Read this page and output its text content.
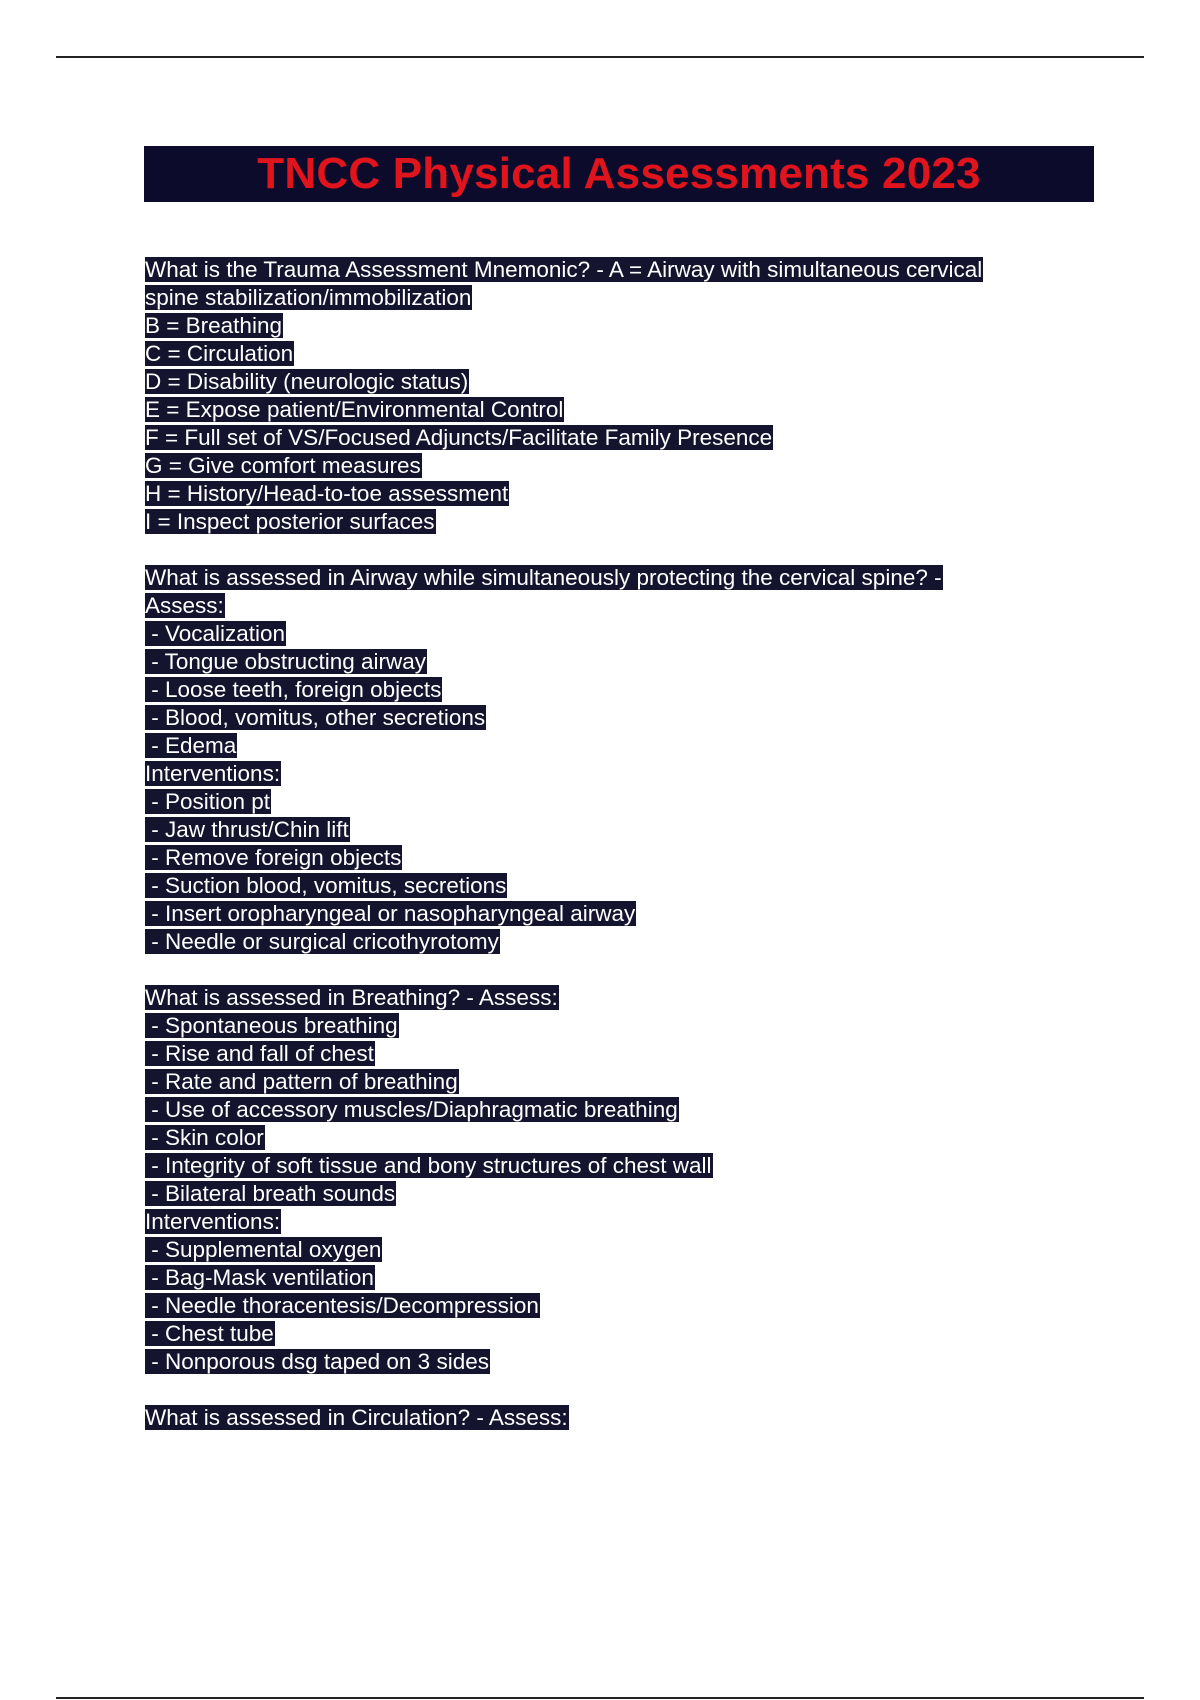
TNCC Physical Assessments 2023
What is the Trauma Assessment Mnemonic? - A = Airway with simultaneous cervical
spine stabilization/immobilization
B = Breathing
C = Circulation
D = Disability (neurologic status)
E = Expose patient/Environmental Control
F = Full set of VS/Focused Adjuncts/Facilitate Family Presence
G = Give comfort measures
H = History/Head-to-toe assessment
I = Inspect posterior surfaces
What is assessed in Airway while simultaneously protecting the cervical spine? -
Assess:
- Vocalization
- Tongue obstructing airway
- Loose teeth, foreign objects
- Blood, vomitus, other secretions
- Edema
Interventions:
- Position pt
- Jaw thrust/Chin lift
- Remove foreign objects
- Suction blood, vomitus, secretions
- Insert oropharyngeal or nasopharyngeal airway
- Needle or surgical cricothyrotomy
What is assessed in Breathing? - Assess:
- Spontaneous breathing
- Rise and fall of chest
- Rate and pattern of breathing
- Use of accessory muscles/Diaphragmatic breathing
- Skin color
- Integrity of soft tissue and bony structures of chest wall
- Bilateral breath sounds
Interventions:
- Supplemental oxygen
- Bag-Mask ventilation
- Needle thoracentesis/Decompression
- Chest tube
- Nonporous dsg taped on 3 sides
What is assessed in Circulation? - Assess:
